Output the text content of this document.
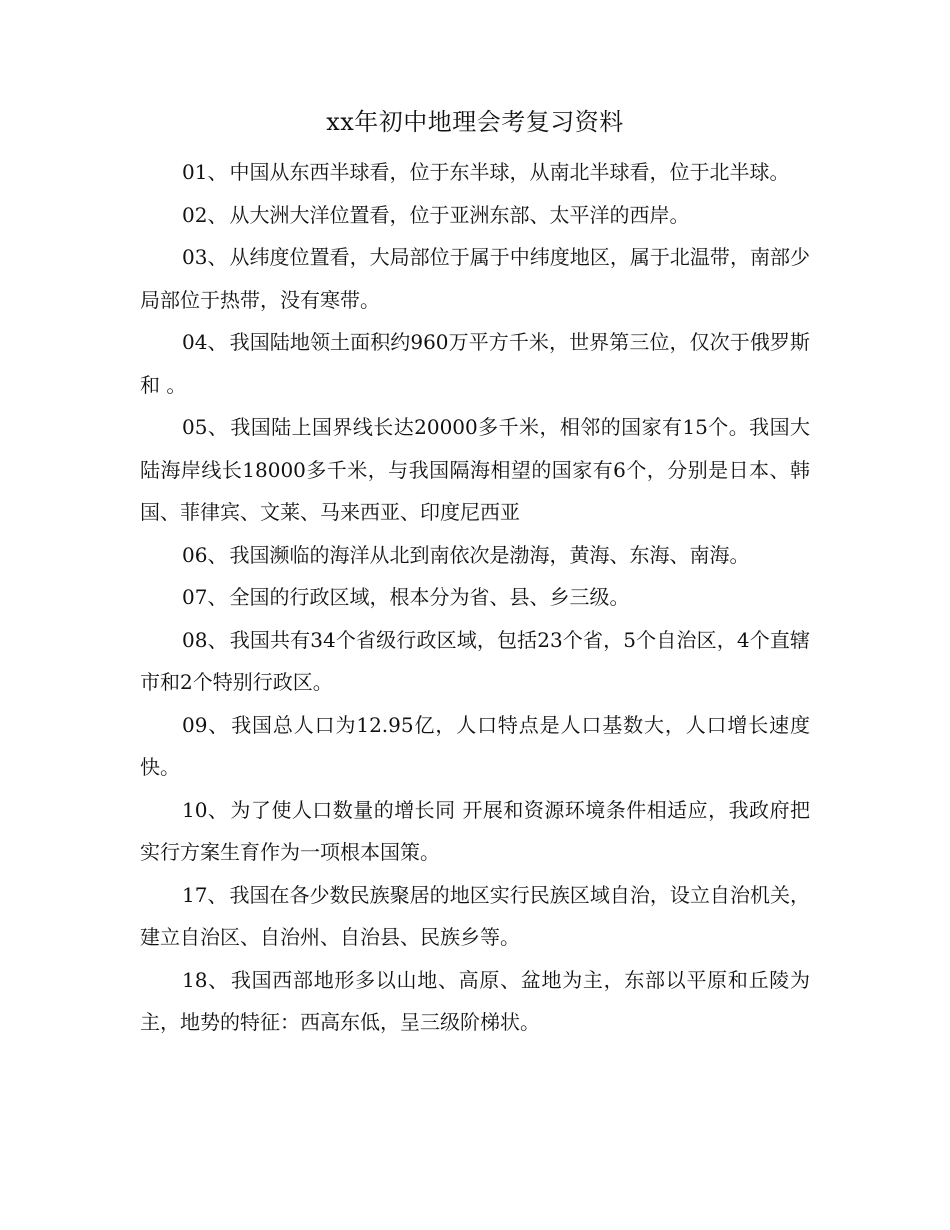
xx年初中地理会考复习资料

01、 中国从东西半球看，位于东半球，从南北半球看，位于北半球。

02、 从大洲大洋位置看，位于亚洲东部、太平洋的西岸。

03、 从纬度位置看，大局部位于属于中纬度地区，属于北温带，南部少局部位于热带，没有寒带。

04、 我国陆地领土面积约960万平方千米，世界第三位，仅次于俄罗斯和 。

05、 我国陆上国界线长达20000多千米，相邻的国家有15个。我国大陆海岸线长18000多千米，与我国隔海相望的国家有6个，分别是日本、韩国、菲律宾、文莱、马来西亚、印度尼西亚

06、 我国濒临的海洋从北到南依次是渤海，黄海、东海、南海。

07、 全国的行政区域，根本分为省、县、乡三级。

08、 我国共有34个省级行政区域，包括23个省，5个自治区，4个直辖市和2个特别行政区。

09、 我国总人口为12.95亿，人口特点是人口基数大，人口增长速度快。

10、 为了使人口数量的增长同 开展和资源环境条件相适应，我政府把实行方案生育作为一项根本国策。

17、 我国在各少数民族聚居的地区实行民族区域自治，设立自治机关，建立自治区、自治州、自治县、民族乡等。

18、 我国西部地形多以山地、高原、盆地为主，东部以平原和丘陵为主，地势的特征：西高东低，呈三级阶梯状。
